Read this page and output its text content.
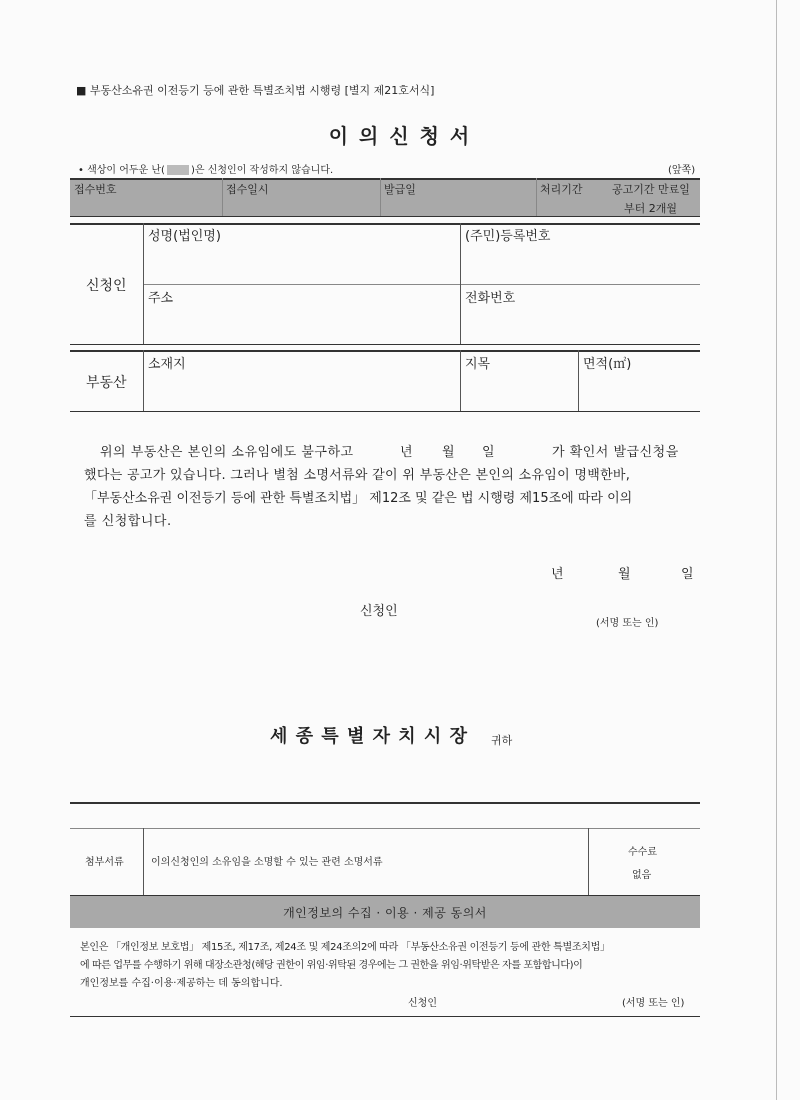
■ 부동산소유권 이전등기 등에 관한 특별조치법 시행령 [별지 제21호서식]
이 의 신 청 서
• 색상이 어두운 난(	)은 신청인이 작성하지 않습니다.	(앞쪽)
접수번호	접수일시	발급일	처리기간	공고기간 만료일
부터 2개월
신청인
성명(법인명)	(주민)등록번호
주소	전화번호
부동산
소재지	지목	면적(㎡)
위의 부동산은 본인의 소유임에도 불구하고	년 월 일	가 확인서 발급신청을
했다는 공고가 있습니다. 그러나 별첨 소명서류와 같이 위 부동산은 본인의 소유임이 명백한바,
「부동산소유권 이전등기 등에 관한 특별조치법」 제12조 및 같은 법 시행령 제15조에 따라 이의
를 신청합니다.
년	월	일
신청인
(서명 또는 인)
세 종 특 별 자 치 시 장 귀하
첨부서류	이의신청인의 소유임을 소명할 수 있는 관련 소명서류
수수료
없음
개인정보의 수집 · 이용 · 제공 동의서
본인은 「개인정보 보호법」 제15조, 제17조, 제24조 및 제24조의2에 따라 「부동산소유권 이전등기 등에 관한 특별조치법」
에 따른 업무를 수행하기 위해 대장소관청(해당 권한이 위임·위탁된 경우에는 그 권한을 위임·위탁받은 자를 포함합니다)이
개인정보를 수집·이용·제공하는 데 동의합니다.
신청인	(서명 또는 인)
